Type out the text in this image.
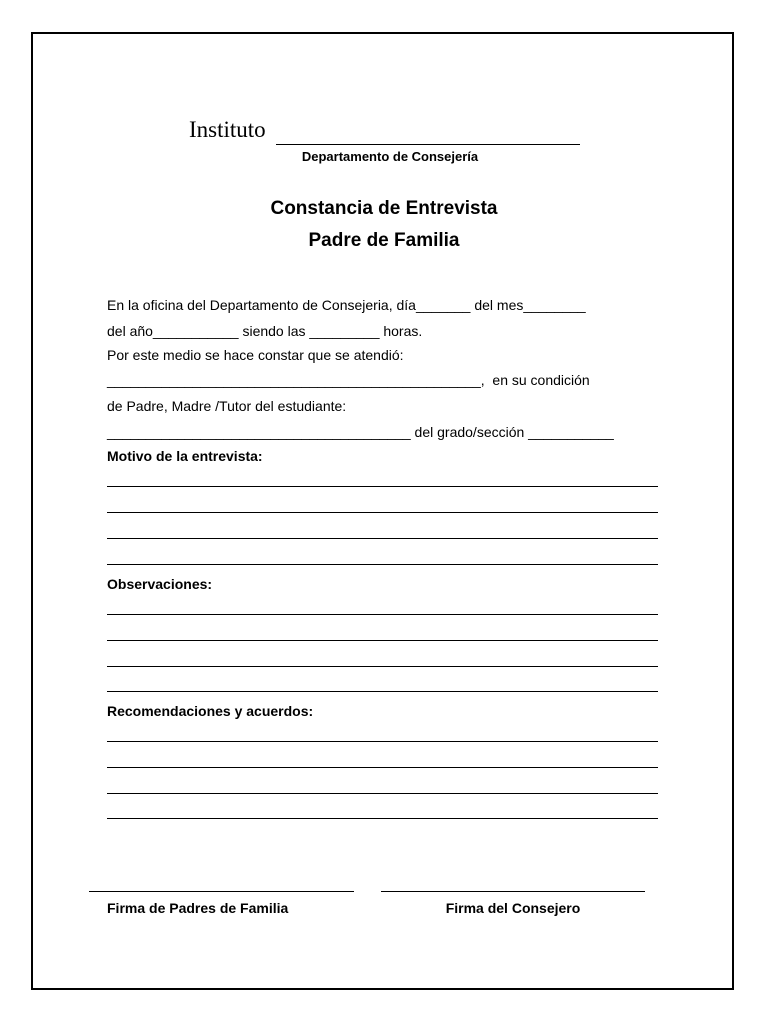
Instituto
Departamento de Consejería
Constancia de Entrevista
Padre de Familia
En la oficina del Departamento de Consejeria, día_______ del mes________
del año___________ siendo las _________ horas.
Por este medio se hace constar que se atendió:
________________________________________________,  en su condición
de Padre, Madre /Tutor del estudiante:
_______________________________________ del grado/sección ___________
Motivo de la entrevista:
Observaciones:
Recomendaciones y acuerdos:
Firma de Padres de Familia	Firma del Consejero
